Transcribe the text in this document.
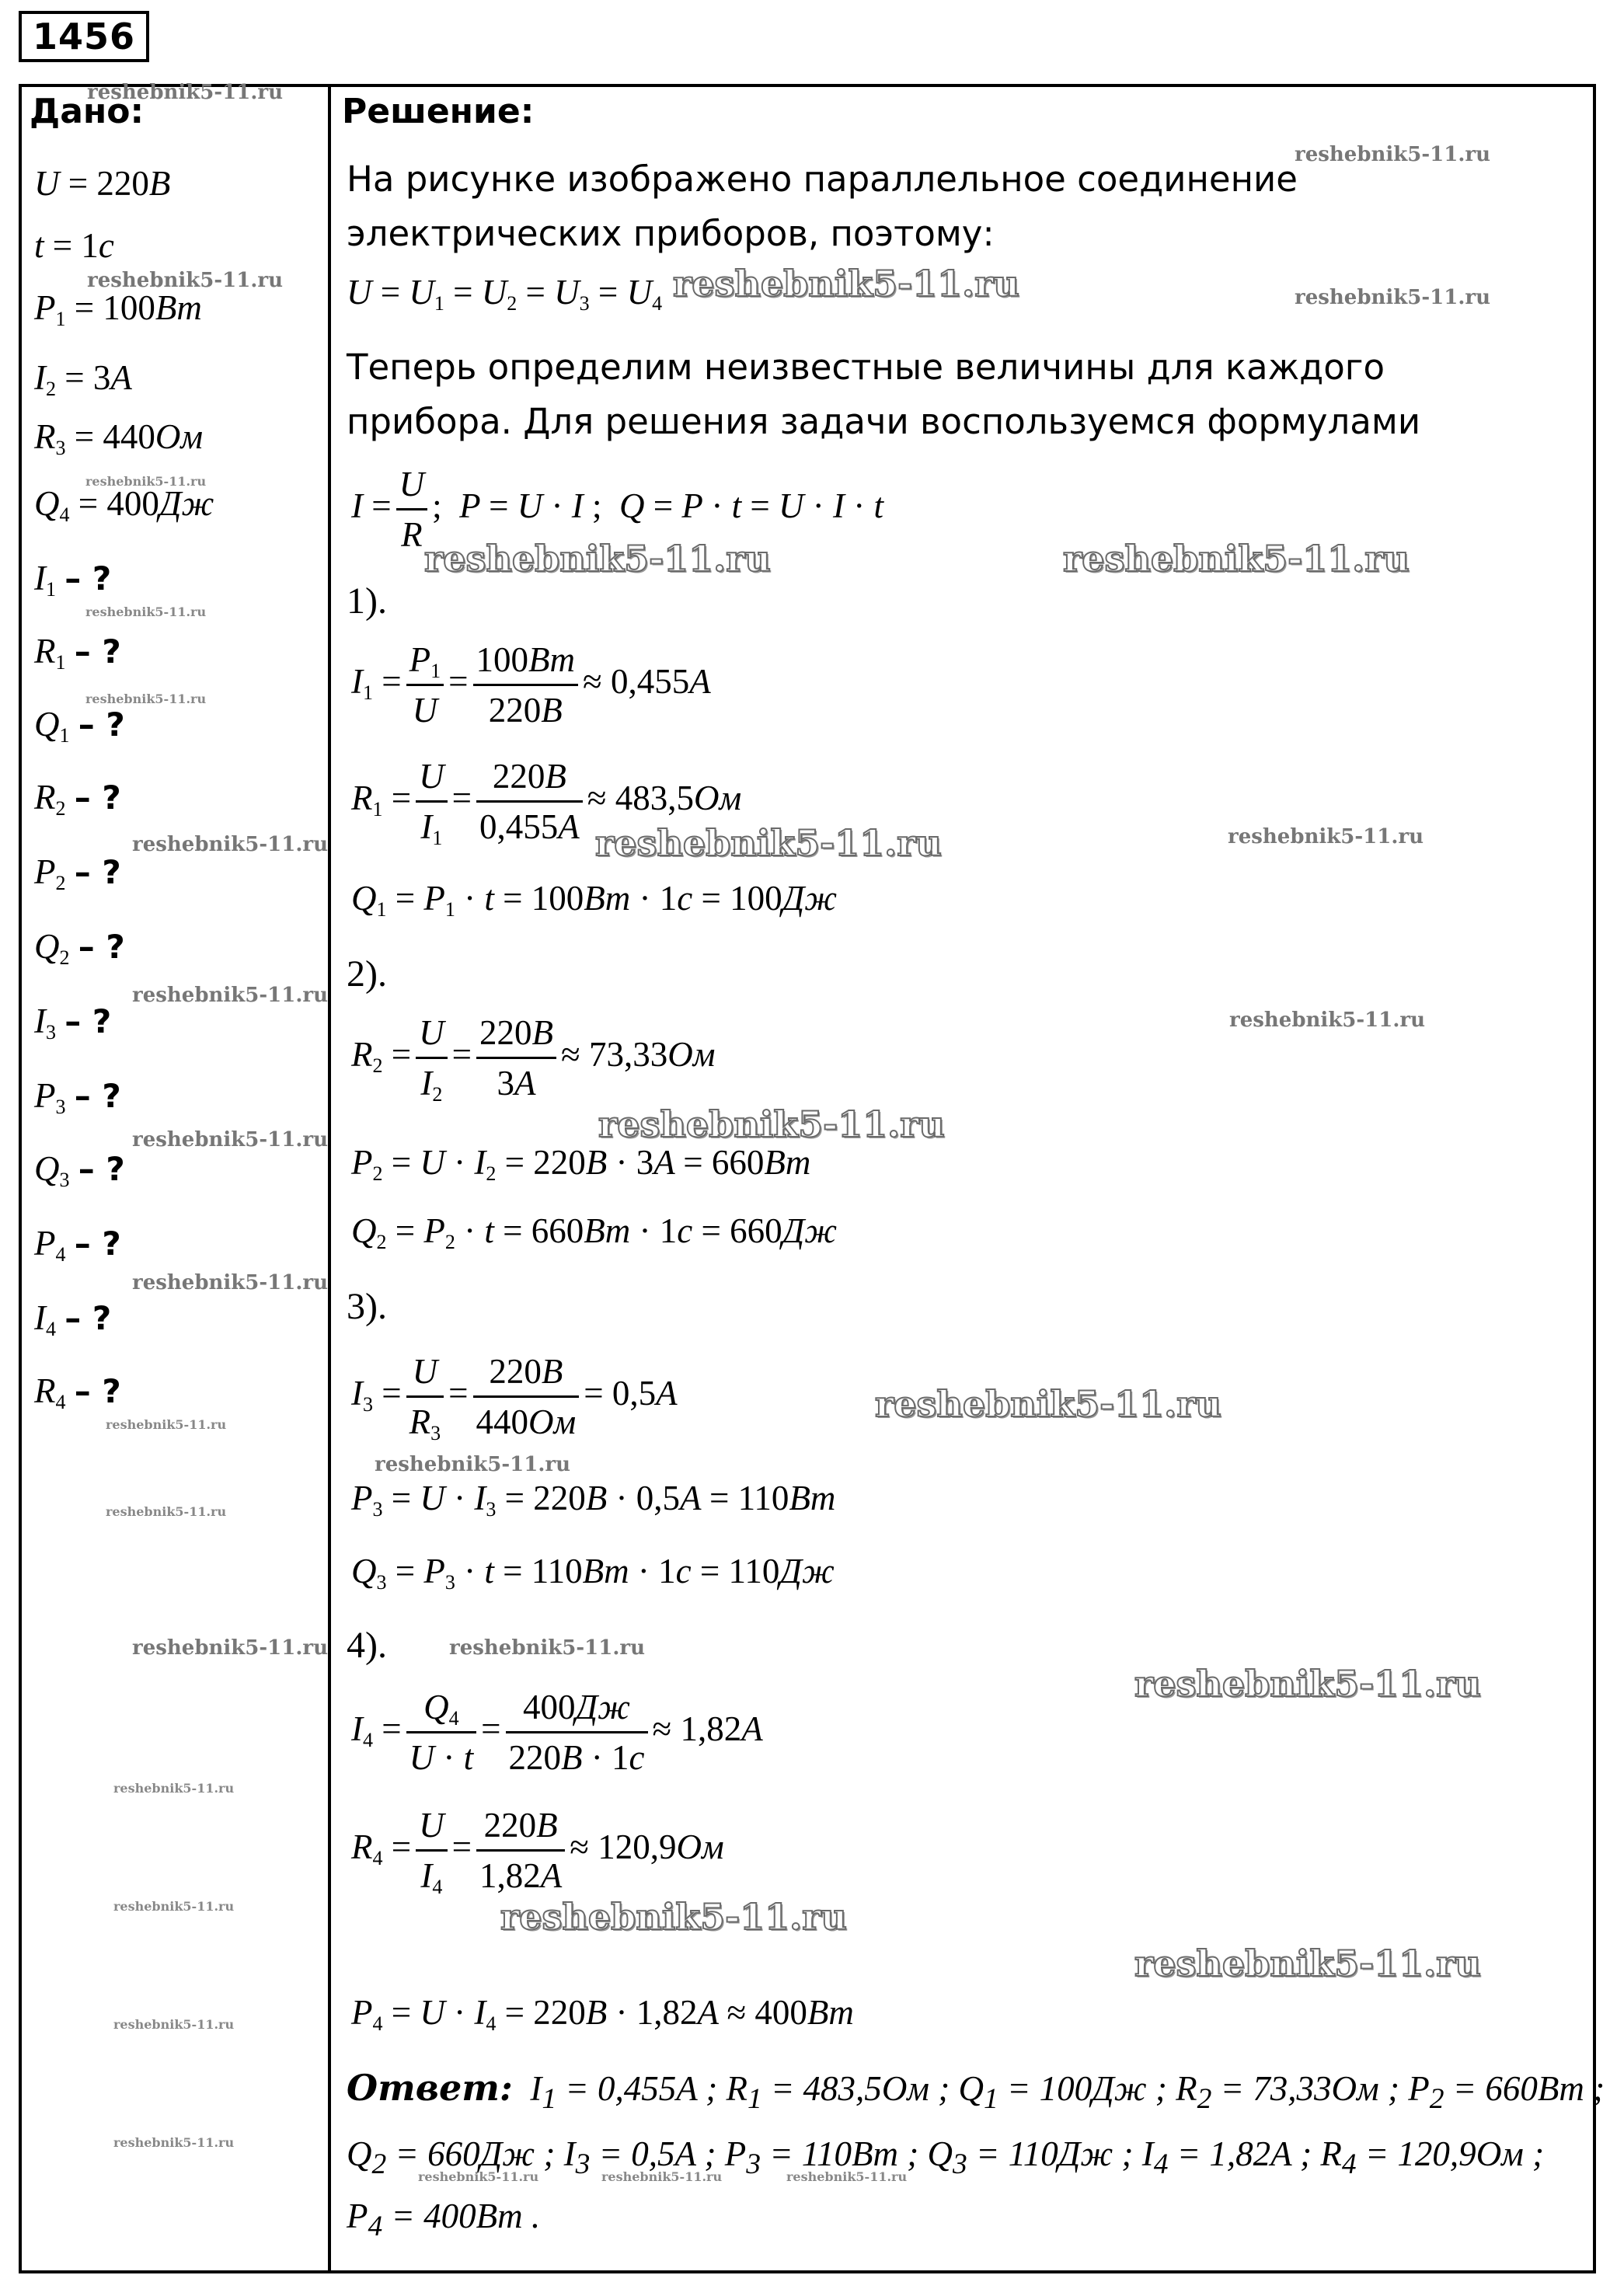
1456
Дано:
U = 220B
t = 1c
$P_1 = 100Bm$
$I_2 = 3A$
$R_3 = 440Ом$
$Q_4 = 400Дж$
$I_1$ – ?
$R_1$ – ?
$Q_1$ – ?
$R_2$ – ?
$P_2$ – ?
$Q_2$ – ?
$I_3$ – ?
$P_3$ – ?
$Q_3$ – ?
$P_4$ – ?
$I_4$ – ?
$R_4$ – ?
Решение:
На рисунке изображено параллельное соединение
электрических приборов, поэтому:
$U = U_1 = U_2 = U_3 = U_4$
Теперь определим неизвестные величины для каждого
прибора. Для решения задачи воспользуемся формулами
$I = \frac{U}{R}$ ;  P = U · I ;  Q = P · t = U · I · t
1).
$I_1 = \frac{P_1}{U} = \frac{100Bm}{220B} \approx 0,455A$
$R_1 = \frac{U}{I_1} = \frac{220B}{0,455A} \approx 483,5Ом$
$Q_1 = P_1 \cdot t = 100Bm \cdot 1c = 100Дж$
2).
$R_2 = \frac{U}{I_2} = \frac{220B}{3A} \approx 73,33Ом$
$P_2 = U \cdot I_2 = 220B \cdot 3A = 660Bm$
$Q_2 = P_2 \cdot t = 660Bm \cdot 1c = 660Дж$
3).
$I_3 = \frac{U}{R_3} = \frac{220B}{440Ом} = 0,5A$
$P_3 = U \cdot I_3 = 220B \cdot 0,5A = 110Bm$
$Q_3 = P_3 \cdot t = 110Bm \cdot 1c = 110Дж$
4).
$I_4 = \frac{Q_4}{U \cdot t} = \frac{400Дж}{220B \cdot 1c} \approx 1,82A$
$R_4 = \frac{U}{I_4} = \frac{220B}{1,82A} \approx 120,9Ом$
$P_4 = U \cdot I_4 = 220B \cdot 1,82A \approx 400Bm$
Ответ:  $I_1 = 0,455A$ ; $R_1 = 483,5Ом$ ; $Q_1 = 100Дж$ ; $R_2 = 73,33Ом$ ; $P_2 = 660Bm$ ;
$Q_2 = 660Дж$ ; $I_3 = 0,5A$ ; $P_3 = 110Bm$ ; $Q_3 = 110Дж$ ; $I_4 = 1,82A$ ; $R_4 = 120,9Ом$ ;
$P_4 = 400Bm$ .
reshebnik5-11.ru
reshebnik5-11.ru	reshebnik5-11.ru
reshebnik5-11.ru
reshebnik5-11.ru
reshebnik5-11.ru
reshebnik5-11.ru
reshebnik5-11.ru
reshebnik5-11.ru
reshebnik5-11.ru
reshebnik5-11.ru
reshebnik5-11.ru
reshebnik5-11.ru
reshebnik5-11.ru
reshebnik5-11.ru
reshebnik5-11.ru
reshebnik5-11.ru
reshebnik5-11.ru
reshebnik5-11.ru
reshebnik5-11.ru
reshebnik5-11.ru
reshebnik5-11.ru
reshebnik5-11.ru
reshebnik5-11.ru
reshebnik5-11.ru
reshebnik5-11.ru
reshebnik5-11.ru
reshebnik5-11.ru
reshebnik5-11.ru
reshebnik5-11.ru
reshebnik5-11.ru
reshebnik5-11.ru	reshebnik5-11.ru	reshebnik5-11.ru
